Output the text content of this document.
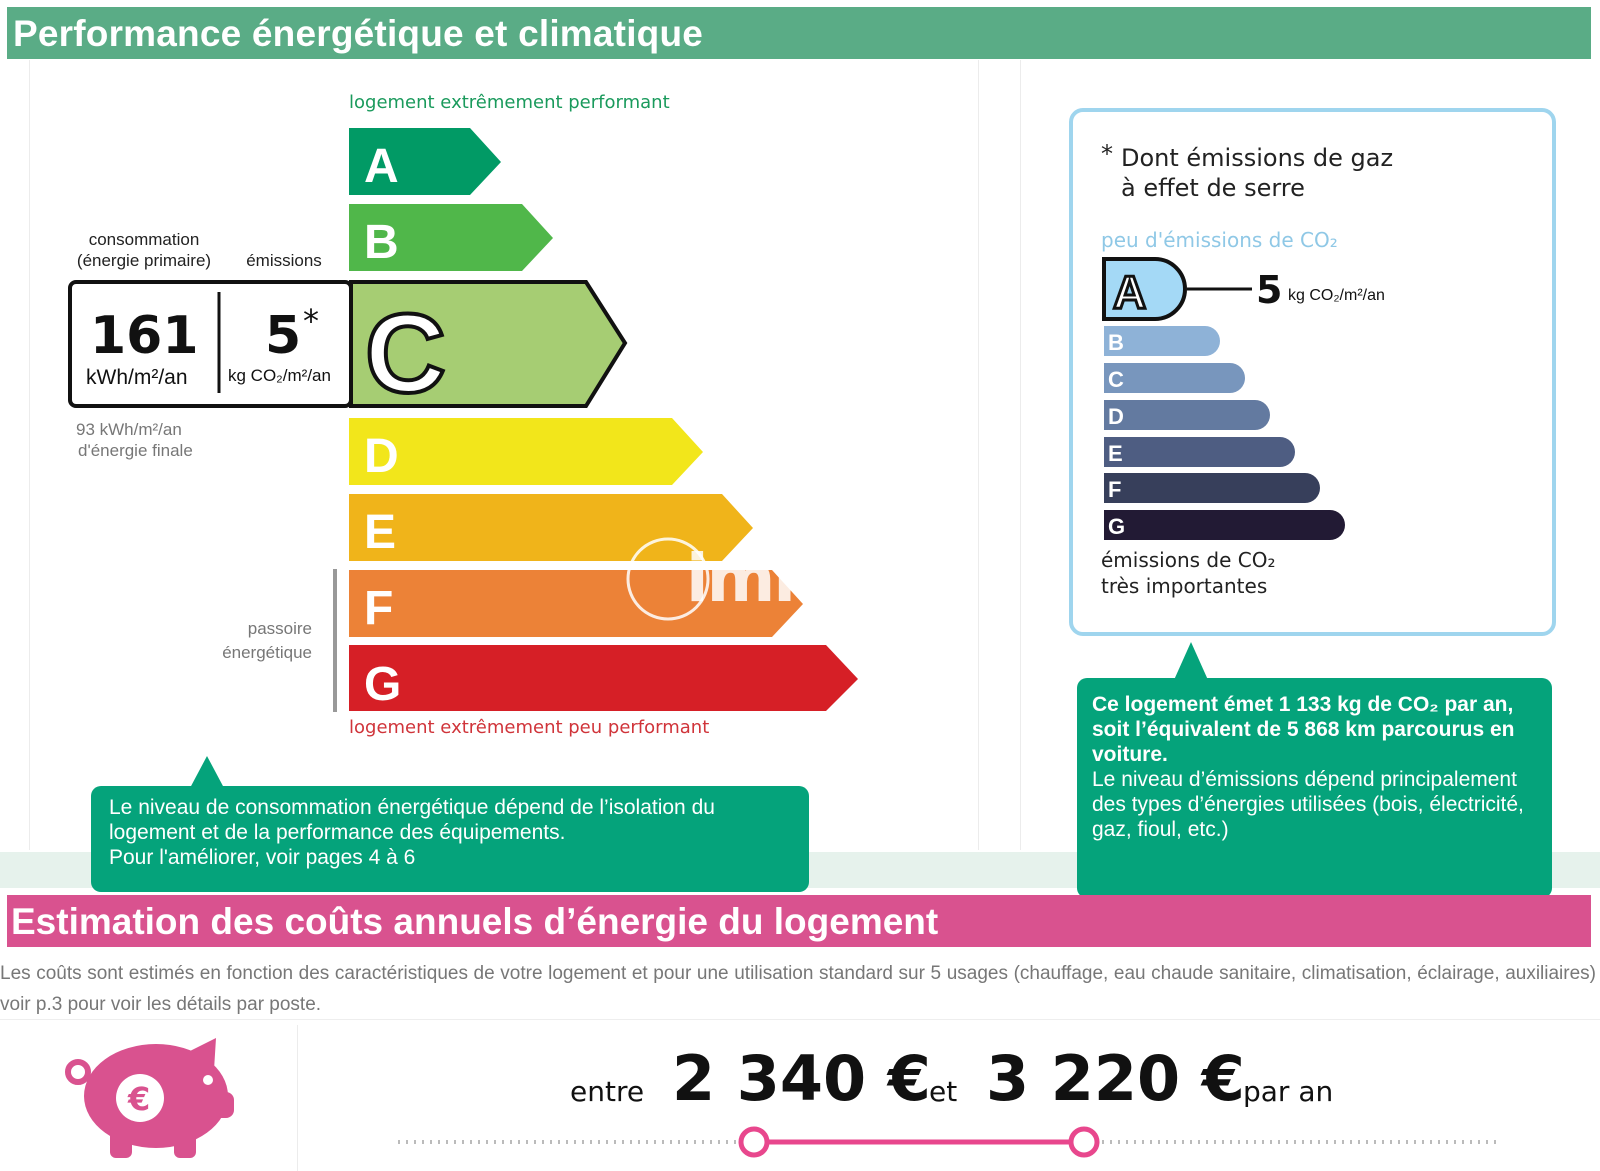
Performance énergétique et climatique
logement extrêmement performant
A
B
C
D
E
F
G
imm
consommation
(énergie primaire)	émissions
161
kWh/m²/an
5 *
kg CO₂/m²/an
93 kWh/m²/an
d'énergie finale
passoire
énergétique
logement extrêmement peu performant
Le niveau de consommation énergétique dépend de l’isolation du logement et de la performance des équipements.
Pour l'améliorer, voir pages 4 à 6
* Dont émissions de gaz
à effet de serre
peu d'émissions de CO₂
A
B
C
D
E
F
G
5 kg CO₂/m²/an
émissions de CO₂
très importantes
Ce logement émet 1 133 kg de CO₂ par an, soit l’équivalent de 5 868 km parcourus en voiture.
Le niveau d’émissions dépend principalement des types d’énergies utilisées (bois, électricité, gaz, fioul, etc.)
Estimation des coûts annuels d’énergie du logement
Les coûts sont estimés en fonction des caractéristiques de votre logement et pour une utilisation standard sur 5 usages (chauffage, eau chaude sanitaire, climatisation, éclairage, auxiliaires) voir p.3 pour voir les détails par poste.
€	entre 2 340 €
et 3 220 €
par an
